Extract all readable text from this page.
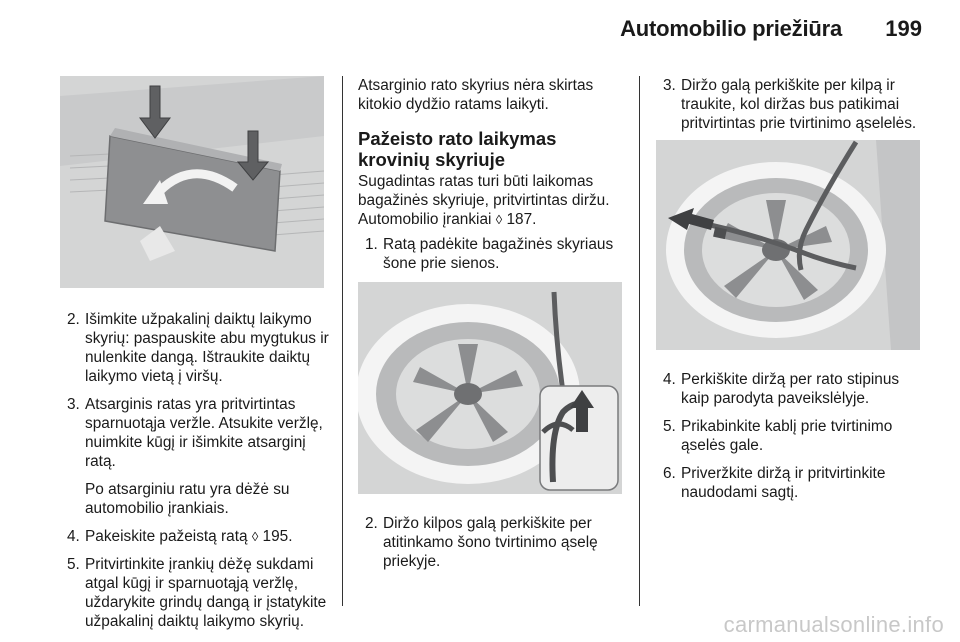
Automobilio priežiūra 199
2. Išimkite užpakalinį daiktų laikymo skyrių: paspauskite abu mygtukus ir nulenkite dangą. Ištraukite daiktų laikymo vietą į viršų.
3. Atsarginis ratas yra pritvirtintas sparnuotąja veržle. Atsukite veržlę, nuimkite kūgį ir išimkite atsarginį ratą.

Po atsarginiu ratu yra dėžė su automobilio įrankiais.

4. Pakeiskite pažeistą ratą ◊ 195.
5. Pritvirtinkite įrankių dėžę sukdami atgal kūgį ir sparnuotąją veržlę, uždarykite grindų dangą ir įstatykite užpakalinį daiktų laikymo skyrių.

Atsarginio rato skyrius nėra skirtas kitokio dydžio ratams laikyti.

Pažeisto rato laikymas krovinių skyriuje

Sugadintas ratas turi būti laikomas bagažinės skyriuje, pritvirtintas diržu. Automobilio įrankiai ◊ 187.

1. Ratą padėkite bagažinės skyriaus šone prie sienos.
2. Diržo kilpos galą perkiškite per atitinkamo šono tvirtinimo ąselę priekyje.
3. Diržo galą perkiškite per kilpą ir traukite, kol diržas bus patikimai pritvirtintas prie tvirtinimo ąselelės.
4. Perkiškite diržą per rato stipinus kaip parodyta paveikslėlyje.
5. Prikabinkite kablį prie tvirtinimo ąselės gale.
6. Priveržkite diržą ir pritvirtinkite naudodami sagtį.
carmanualsonline.info
